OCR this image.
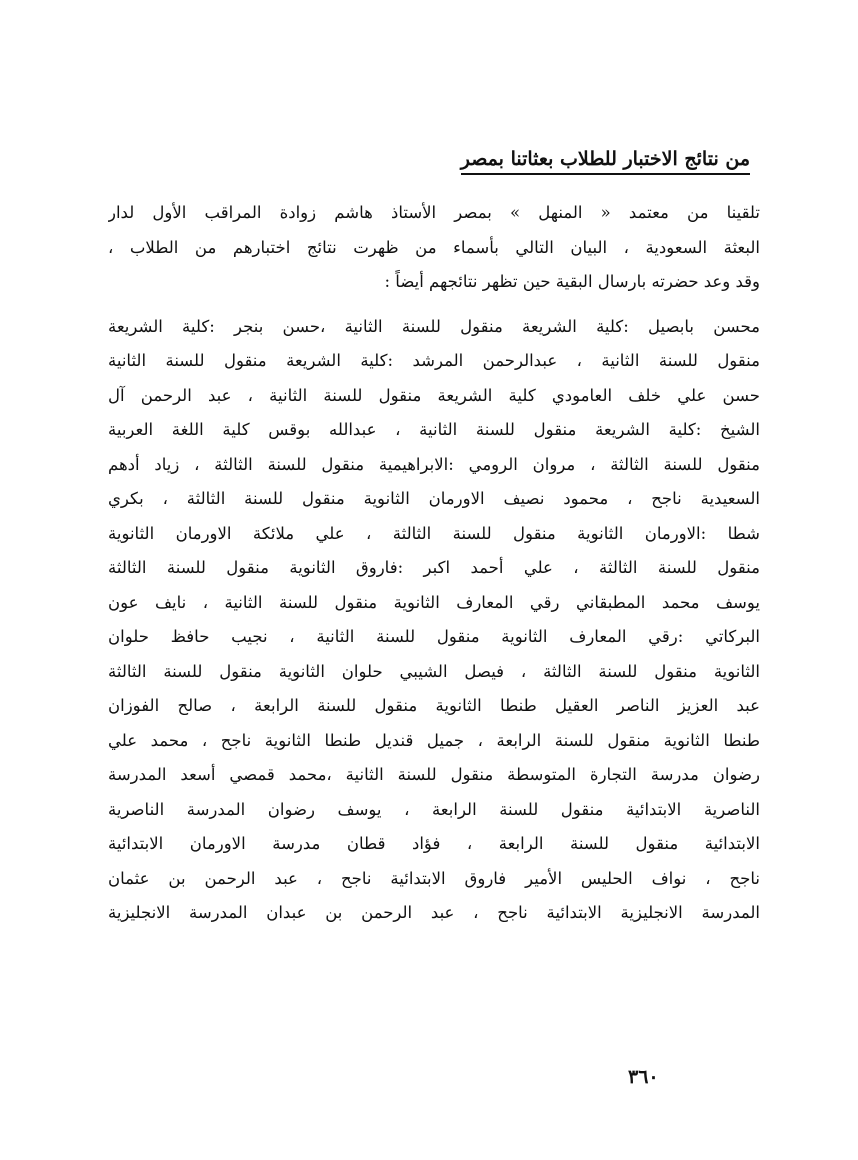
من نتائج الاختبار للطلاب بعثاتنا بمصر
تلقينا من معتمد « المنهل » بمصر الأستاذ هاشم زوادة المراقب الأول لدار
البعثة السعودية ، البيان التالي بأسماء من ظهرت نتائج اختبارهم من الطلاب ،
وقد وعد حضرته بارسال البقية حين تظهر نتائجهم أيضاً :
محسن بابصيل :كلية الشريعة منقول للسنة الثانية ،حسن بنجر :كلية الشريعة
منقول للسنة الثانية ، عبدالرحمن المرشد :كلية الشريعة منقول للسنة الثانية
حسن علي خلف العامودي كلية الشريعة منقول للسنة الثانية ، عبد الرحمن آل
الشيخ :كلية الشريعة منقول للسنة الثانية ، عبدالله بوقس كلية اللغة العربية
منقول للسنة الثالثة ، مروان الرومي :الابراهيمية منقول للسنة الثالثة ، زياد أدهم
السعيدية ناجح ، محمود نصيف الاورمان الثانوية منقول للسنة الثالثة ، بكري
شطا :الاورمان الثانوية منقول للسنة الثالثة ، علي ملائكة الاورمان الثانوية
منقول للسنة الثالثة ، علي أحمد اكبر :فاروق الثانوية منقول للسنة الثالثة
يوسف محمد المطبقاني رقي المعارف الثانوية منقول للسنة الثانية ، نايف عون
البركاتي :رقي المعارف الثانوية منقول للسنة الثانية ، نجيب حافظ حلوان
الثانوية منقول للسنة الثالثة ، فيصل الشيبي حلوان الثانوية منقول للسنة الثالثة
عبد العزيز الناصر العقيل طنطا الثانوية منقول للسنة الرابعة ، صالح الفوزان
طنطا الثانوية منقول للسنة الرابعة ، جميل قنديل طنطا الثانوية ناجح ، محمد علي
رضوان مدرسة التجارة المتوسطة منقول للسنة الثانية ،محمد قمصي أسعد المدرسة
الناصرية الابتدائية منقول للسنة الرابعة ، يوسف رضوان المدرسة الناصرية
الابتدائية منقول للسنة الرابعة ، فؤاد قطان مدرسة الاورمان الابتدائية
ناجح ، نواف الحليس الأمير فاروق الابتدائية ناجح ، عبد الرحمن بن عثمان
المدرسة الانجليزية الابتدائية ناجح ، عبد الرحمن بن عبدان المدرسة الانجليزية
٣٦٠
